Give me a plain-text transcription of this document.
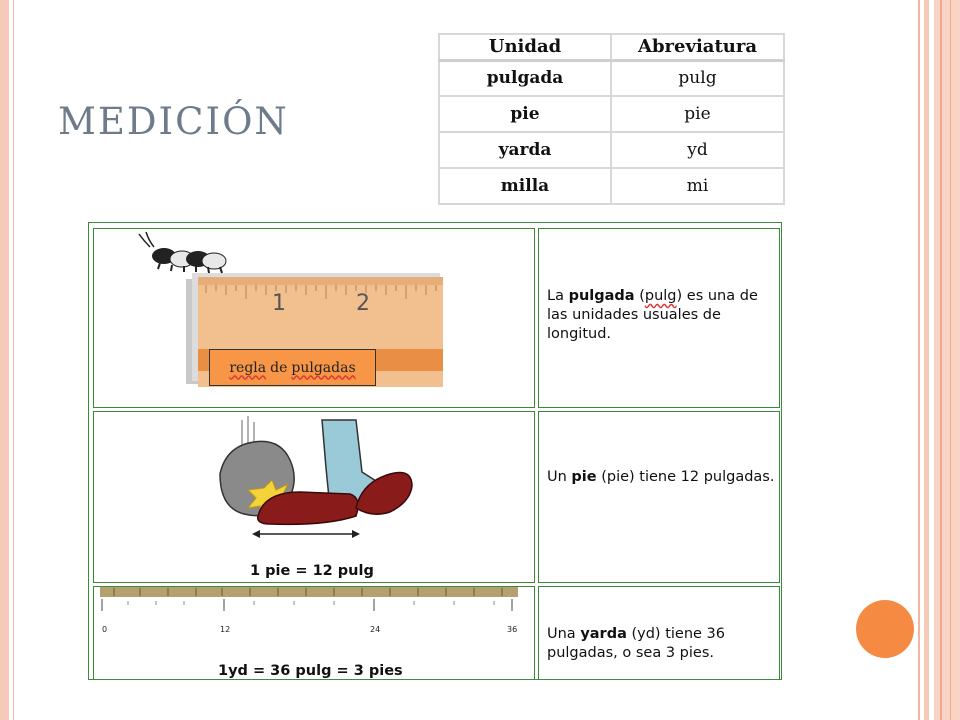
MEDICIÓN
Unidad	Abreviatura
pulgada	pulg
pie	pie
yarda	yd
milla	mi
1	2
regla de pulgadas

La pulgada (pulg) es una de las unidades usuales de longitud.

1 pie = 12 pulg

Un pie (pie) tiene 12 pulgadas.

0	12	24	36
1yd = 36 pulg = 3 pies

Una yarda (yd) tiene 36 pulgadas, o sea 3 pies.
